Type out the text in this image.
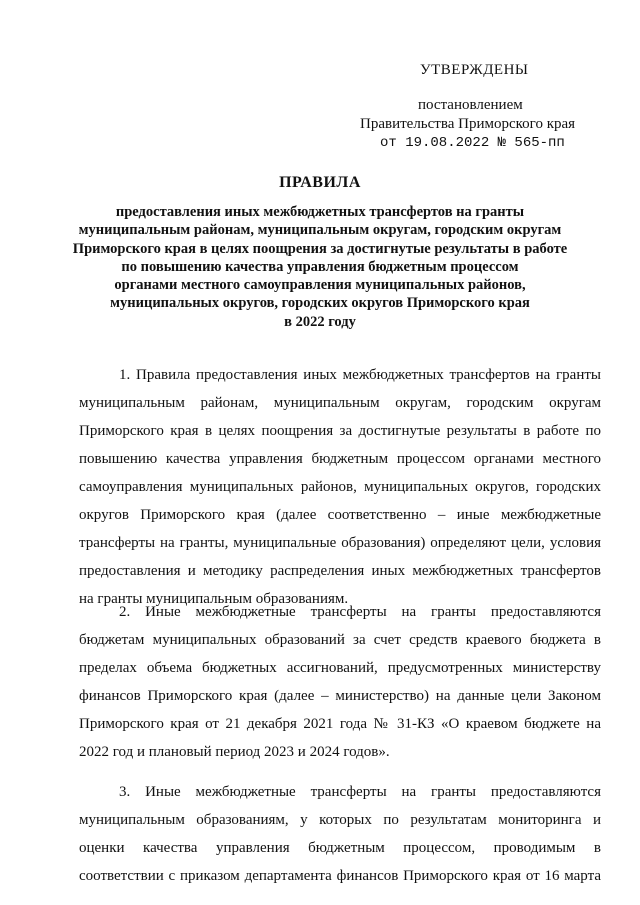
УТВЕРЖДЕНЫ
постановлением
Правительства Приморского края
от 19.08.2022 № 565-пп
ПРАВИЛА
предоставления иных межбюджетных трансфертов на гранты
муниципальным районам, муниципальным округам, городским округам
Приморского края в целях поощрения за достигнутые результаты в работе
по повышению качества управления бюджетным процессом
органами местного самоуправления муниципальных районов,
муниципальных округов, городских округов Приморского края
в 2022 году
1. Правила предоставления иных межбюджетных трансфертов на гранты
муниципальным районам, муниципальным округам, городским округам
Приморского края в целях поощрения за достигнутые результаты в работе по
повышению качества управления бюджетным процессом органами местного
самоуправления муниципальных районов, муниципальных округов, городских
округов Приморского края (далее соответственно – иные межбюджетные
трансферты на гранты, муниципальные образования) определяют цели, условия
предоставления и методику распределения иных межбюджетных трансфертов
на гранты муниципальным образованиям.
2. Иные межбюджетные трансферты на гранты предоставляются
бюджетам муниципальных образований за счет средств краевого бюджета в
пределах объема бюджетных ассигнований, предусмотренных министерству
финансов Приморского края (далее – министерство) на данные цели Законом
Приморского края от 21 декабря 2021 года № 31-КЗ «О краевом бюджете на
2022 год и плановый период 2023 и 2024 годов».
3. Иные межбюджетные трансферты на гранты предоставляются
муниципальным образованиям, у которых по результатам мониторинга и
оценки качества управления бюджетным процессом, проводимым в
соответствии с приказом департамента финансов Приморского края от 16 марта
